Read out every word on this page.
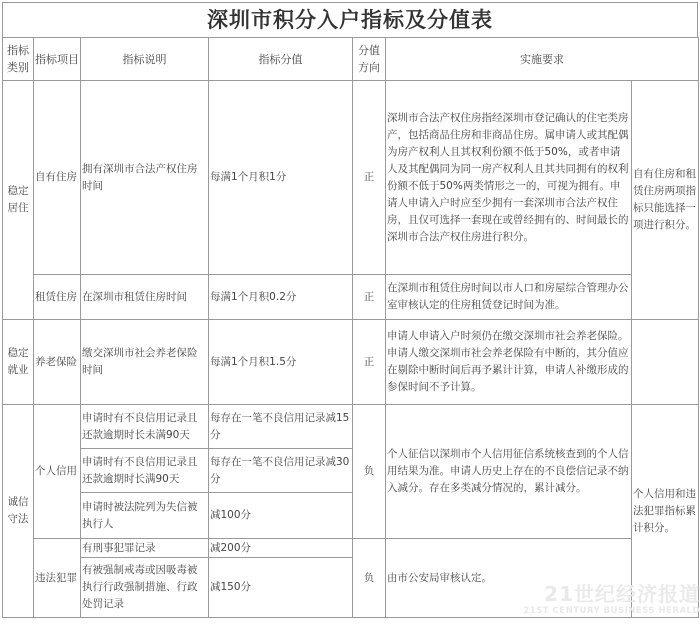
深圳市积分入户指标及分值表
指标类别	指标项目	指标说明	指标分值	分值方向	实施要求	
稳定居住	自有住房	拥有深圳市合法产权住房时间	每满1个月积1分	正	深圳市合法产权住房指经深圳市登记确认的住宅类房产，包括商品住房和非商品住房。属申请人或其配偶为房产权利人且其权利份额不低于50%，或者申请人及其配偶同为同一房产权利人且其共同拥有的权利份额不低于50%两类情形之一的，可视为拥有。申请人申请入户时应至少拥有一套深圳市合法产权住房，且仅可选择一套现在或曾经拥有的、时间最长的深圳市合法产权住房进行积分。	自有住房和租赁住房两项指标只能选择一项进行积分。
	租赁住房	在深圳市租赁住房时间	每满1个月积0.2分	正	在深圳市租赁住房时间以市人口和房屋综合管理办公室审核认定的住房租赁登记时间为准。	
稳定就业	养老保险	缴交深圳市社会养老保险时间	每满1个月积1.5分	正	申请人申请入户时须仍在缴交深圳市社会养老保险。申请人缴交深圳市社会养老保险有中断的，其分值应在剔除中断时间后再予累计计算，申请人补缴形成的参保时间不予计算。	
诚信守法	个人信用	申请时有不良信用记录且还款逾期时长未满90天	每存在一笔不良信用记录减15分	负	个人征信以深圳市个人信用征信系统核查到的个人信用结果为准。申请人历史上存在的不良偿信记录不纳入减分。存在多类减分情况的，累计减分。	个人信用和违法犯罪指标累计积分。
		申请时有不良信用记录且还款逾期时长满90天	每存在一笔不良信用记录减30分			
		申请时被法院列为失信被执行人	减100分			
	违法犯罪	有刑事犯罪记录	减200分	负	由市公安局审核认定。	
		有被强制戒毒或因吸毒被执行行政强制措施、行政处罚记录	减150分				21世纪经济报道
21ST CENTURY BUSINESS HERALD
